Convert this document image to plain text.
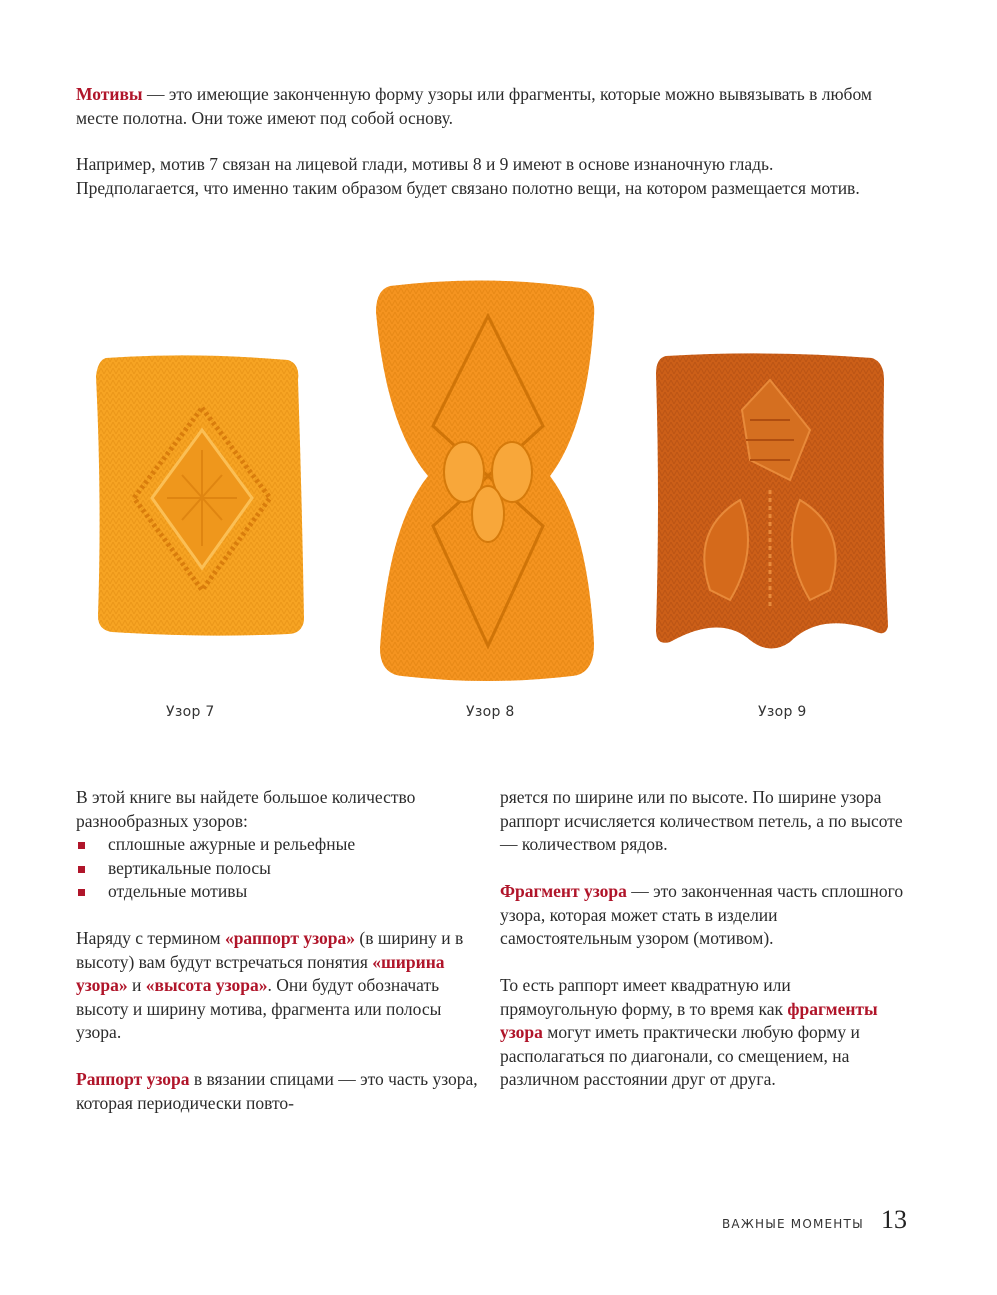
Мотивы — это имеющие законченную форму узоры или фрагменты, которые можно вывязывать в любом месте полотна. Они тоже имеют под собой основу.

Например, мотив 7 связан на лицевой глади, мотивы 8 и 9 имеют в основе изнаночную гладь. Предполагается, что именно таким образом будет связано полотно вещи, на котором размещается мотив.

Узор 7	Узор 8	Узор 9

В этой книге вы найдете большое количество разнообразных узоров:

сплошные ажурные и рельефные
вертикальные полосы
отдельные мотивы

Наряду с термином «раппорт узора» (в ширину и в высоту) вам будут встречаться понятия «ширина узора» и «высота узора». Они будут обозначать высоту и ширину мотива, фрагмента или полосы узора.

Раппорт узора в вязании спицами — это часть узора, которая периодически повто-

ряется по ширине или по высоте. По ширине узора раппорт исчисляется количеством петель, а по высоте — количеством рядов.

Фрагмент узора — это законченная часть сплошного узора, которая может стать в изделии самостоятельным узором (мотивом).

То есть раппорт имеет квадратную или прямоугольную форму, в то время как фрагменты узора могут иметь практически любую форму и располагаться по диагонали, со смещением, на различном расстоянии друг от друга.

ВАЖНЫЕ МОМЕНТЫ 13
